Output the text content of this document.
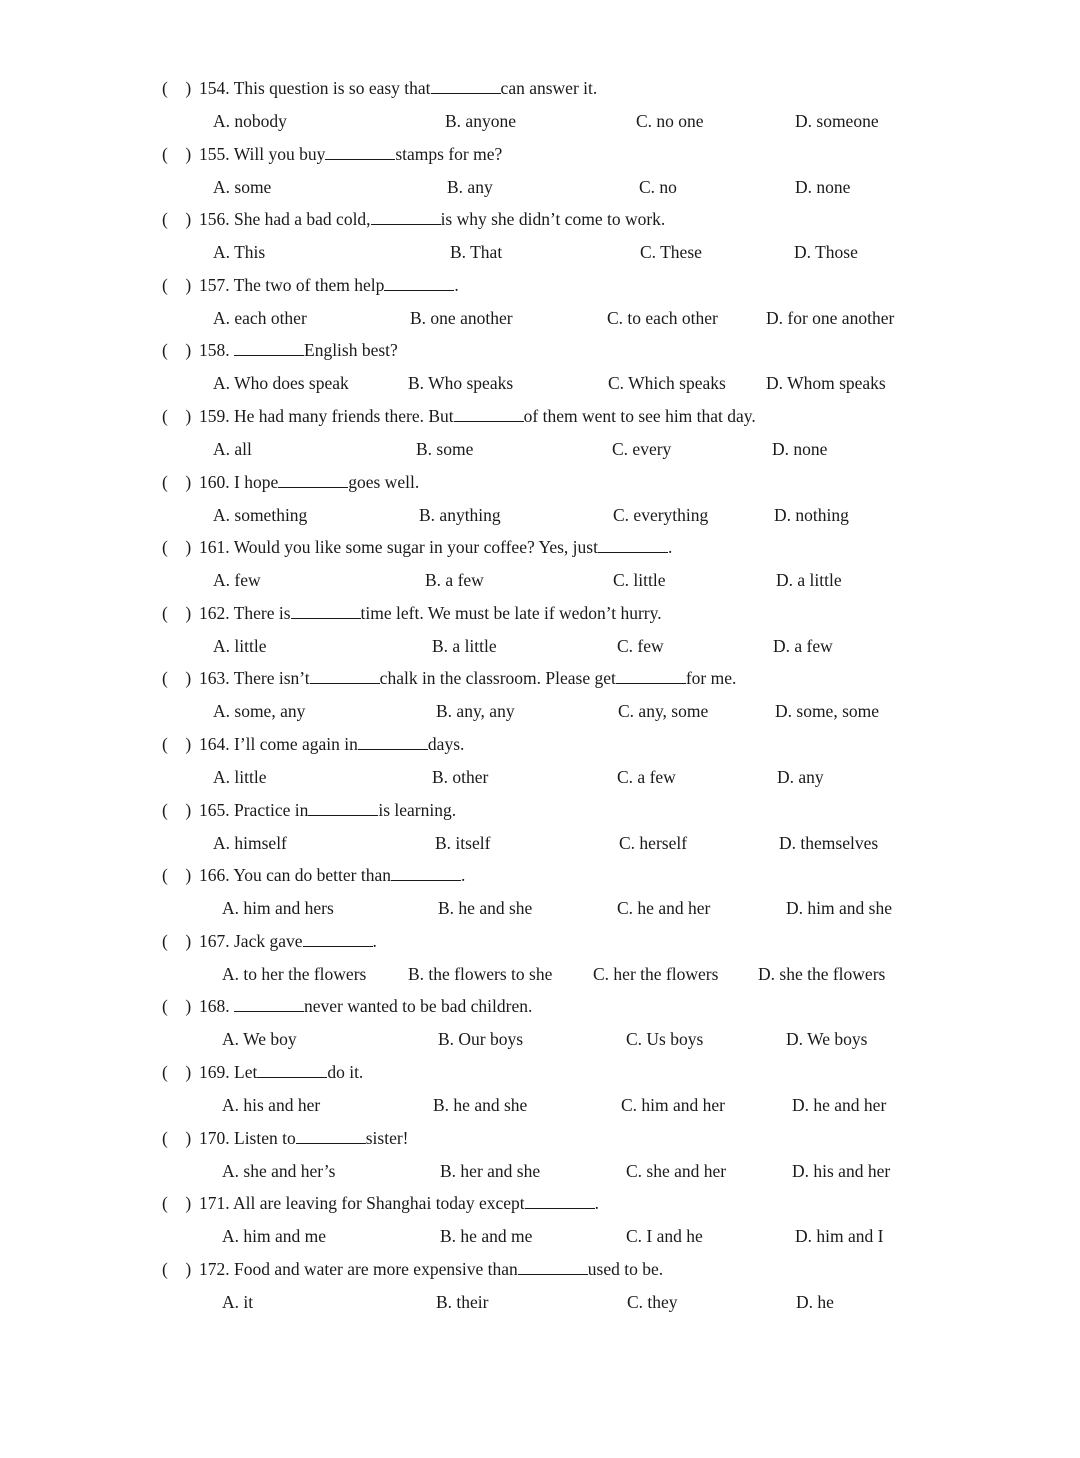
(    ) 154. This question is so easy that	can answer it.
A. nobody	B. anyone	C. no one	D. someone
(    ) 155. Will you buy	stamps for me?
A. some	B. any	C. no	D. none
(    ) 156. She had a bad cold,	is why she didn’t come to work.
A. This	B. That	C. These	D. Those
(    ) 157. The two of them help	.
A. each other	B. one another	C. to each other	D. for one another
(    ) 158.	English best?
A. Who does speak	B. Who speaks	C. Which speaks D. Whom speaks
(    ) 159. He had many friends there. But	of them went to see him that day.
A. all	B. some	C. every	D. none
(    ) 160. I hope	goes well.
A. something	B. anything	C. everything	D. nothing
(    ) 161. Would you like some sugar in your coffee? Yes, just	.
A. few	B. a few	C. little	D. a little
(    ) 162. There is	time left. We must be late if wedon’t hurry.
A. little	B. a little	C. few	D. a few
(    ) 163. There isn’t	chalk in the classroom. Please get	for me.
A. some, any	B. any, any	C. any, some	D. some, some
(    ) 164. I’ll come again in	days.
A. little	B. other	C. a few	D. any
(    ) 165. Practice in	is learning.
A. himself	B. itself	C. herself	D. themselves
(    ) 166. You can do better than	.
A. him and hers	B. he and she	C. he and her	D. him and she
(    ) 167. Jack gave	.
A. to her the flowers B. the flowers to she C. her the flowers D. she the flowers
(    ) 168.	never wanted to be bad children.
A. We boy	B. Our boys	C. Us boys	D. We boys
(    ) 169. Let	do it.
A. his and her	B. he and she	C. him and her	D. he and her
(    ) 170. Listen to	sister!
A. she and her’s	B. her and she	C. she and her	D. his and her
(    ) 171. All are leaving for Shanghai today except	.
A. him and me	B. he and me	C. I and he	D. him and I
(    ) 172. Food and water are more expensive than	used to be.
A. it	B. their	C. they	D. he
